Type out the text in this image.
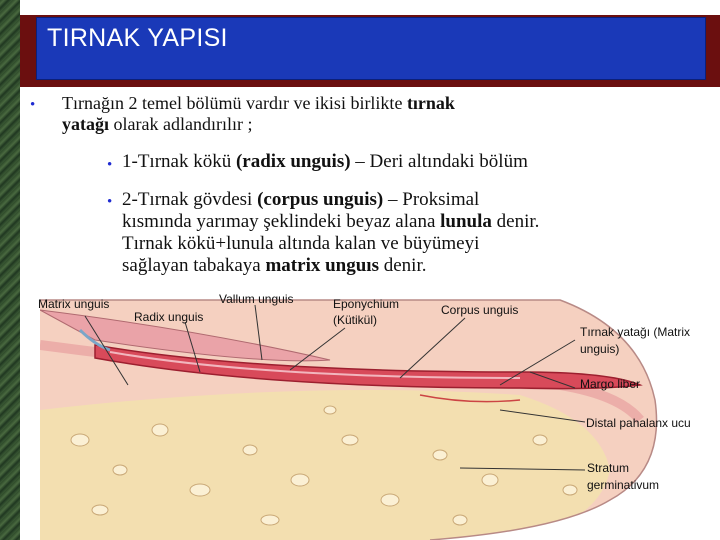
TIRNAK YAPISI
• Tırnağın 2 temel bölümü vardır ve ikisi birlikte tırnak
yatağı olarak adlandırılır ;
• 1-Tırnak kökü (radix unguis) – Deri altındaki bölüm
• 2-Tırnak gövdesi (corpus unguis) – Proksimal
kısmında yarımay şeklindeki beyaz alana lunula denir.
Tırnak kökü+lunula altında kalan ve büyümeyi
sağlayan tabakaya matrix unguıs denir.
Matrix unguis
Radix unguis
Vallum unguis	Eponychium
(Kütikül)
Corpus unguis
Tırnak yatağı (Matrix
unguis)
Margo liber
Distal pahalanx ucu
Stratum
germinativum
